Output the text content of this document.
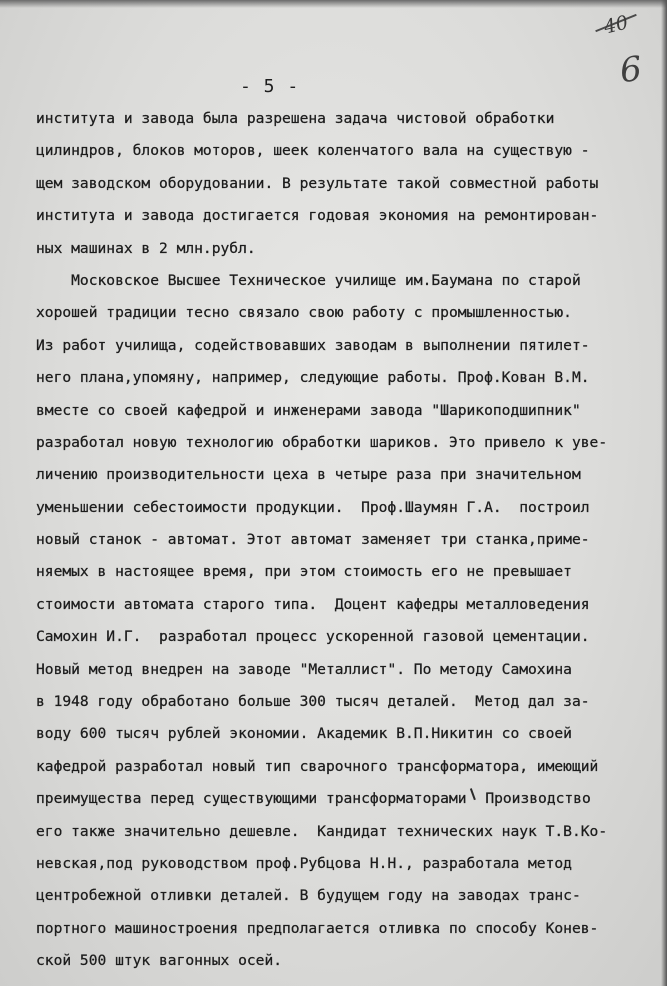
40
6
- 5 -
института и завода была разрешена задача чистовой обработки
цилиндров, блоков моторов, шеек коленчатого вала на существую -
щем заводском оборудовании. В результате такой совместной работы
института и завода достигается годовая экономия на ремонтирован-
ных машинах в 2 млн.рубл.
Московское Высшее Техническое училище им.Баумана по старой
хорошей традиции тесно связало свою работу с промышленностью.
Из работ училища, содействовавших заводам в выполнении пятилет-
него плана,упомяну, например, следующие работы. Проф.Кован В.М.
вместе со своей кафедрой и инженерами завода "Шарикоподшипник"
разработал новую технологию обработки шариков. Это привело к уве-
личению производительности цеха в четыре раза при значительном
уменьшении себестоимости продукции.  Проф.Шаумян Г.А.  построил
новый станок - автомат. Этот автомат заменяет три станка,приме-
няемых в настоящее время, при этом стоимость его не превышает
стоимости автомата старого типа.  Доцент кафедры металловедения
Самохин И.Г.  разработал процесс ускоренной газовой цементации.
Новый метод внедрен на заводе "Металлист". По методу Самохина
в 1948 году обработано больше 300 тысяч деталей.  Метод дал за-
воду 600 тысяч рублей экономии. Академик В.П.Никитин со своей
кафедрой разработал новый тип сварочного трансформатора, имеющий
преимущества перед существующими трансформаторами Производство
его также значительно дешевле.  Кандидат технических наук Т.В.Ко-
невская,под руководством проф.Рубцова Н.Н., разработала метод
центробежной отливки деталей. В будущем году на заводах транс-
портного машиностроения предполагается отливка по способу Конев-
ской 500 штук вагонных осей.
